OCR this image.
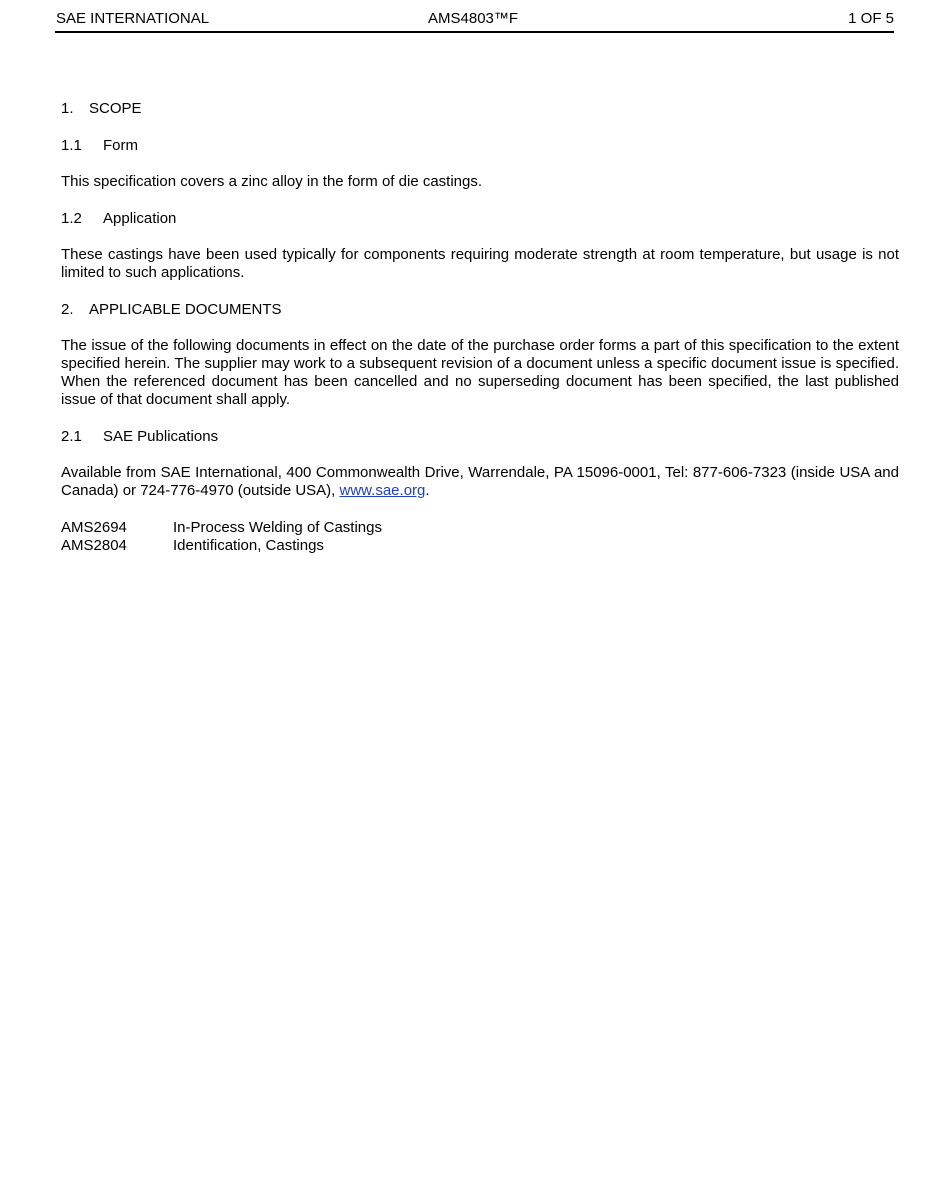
SAE INTERNATIONAL	AMS4803™F	1 OF 5
1.	SCOPE
1.1	Form

This specification covers a zinc alloy in the form of die castings.

1.2	Application

These castings have been used typically for components requiring moderate strength at room temperature, but usage is not limited to such applications.

2.	APPLICABLE DOCUMENTS

The issue of the following documents in effect on the date of the purchase order forms a part of this specification to the extent specified herein. The supplier may work to a subsequent revision of a document unless a specific document issue is specified. When the referenced document has been cancelled and no superseding document has been specified, the last published issue of that document shall apply.

2.1	SAE Publications

Available from SAE International, 400 Commonwealth Drive, Warrendale, PA 15096-0001, Tel: 877-606-7323 (inside USA and Canada) or 724-776-4970 (outside USA), www.sae.org.

AMS2694	In-Process Welding of Castings
AMS2804	Identification, Castings
